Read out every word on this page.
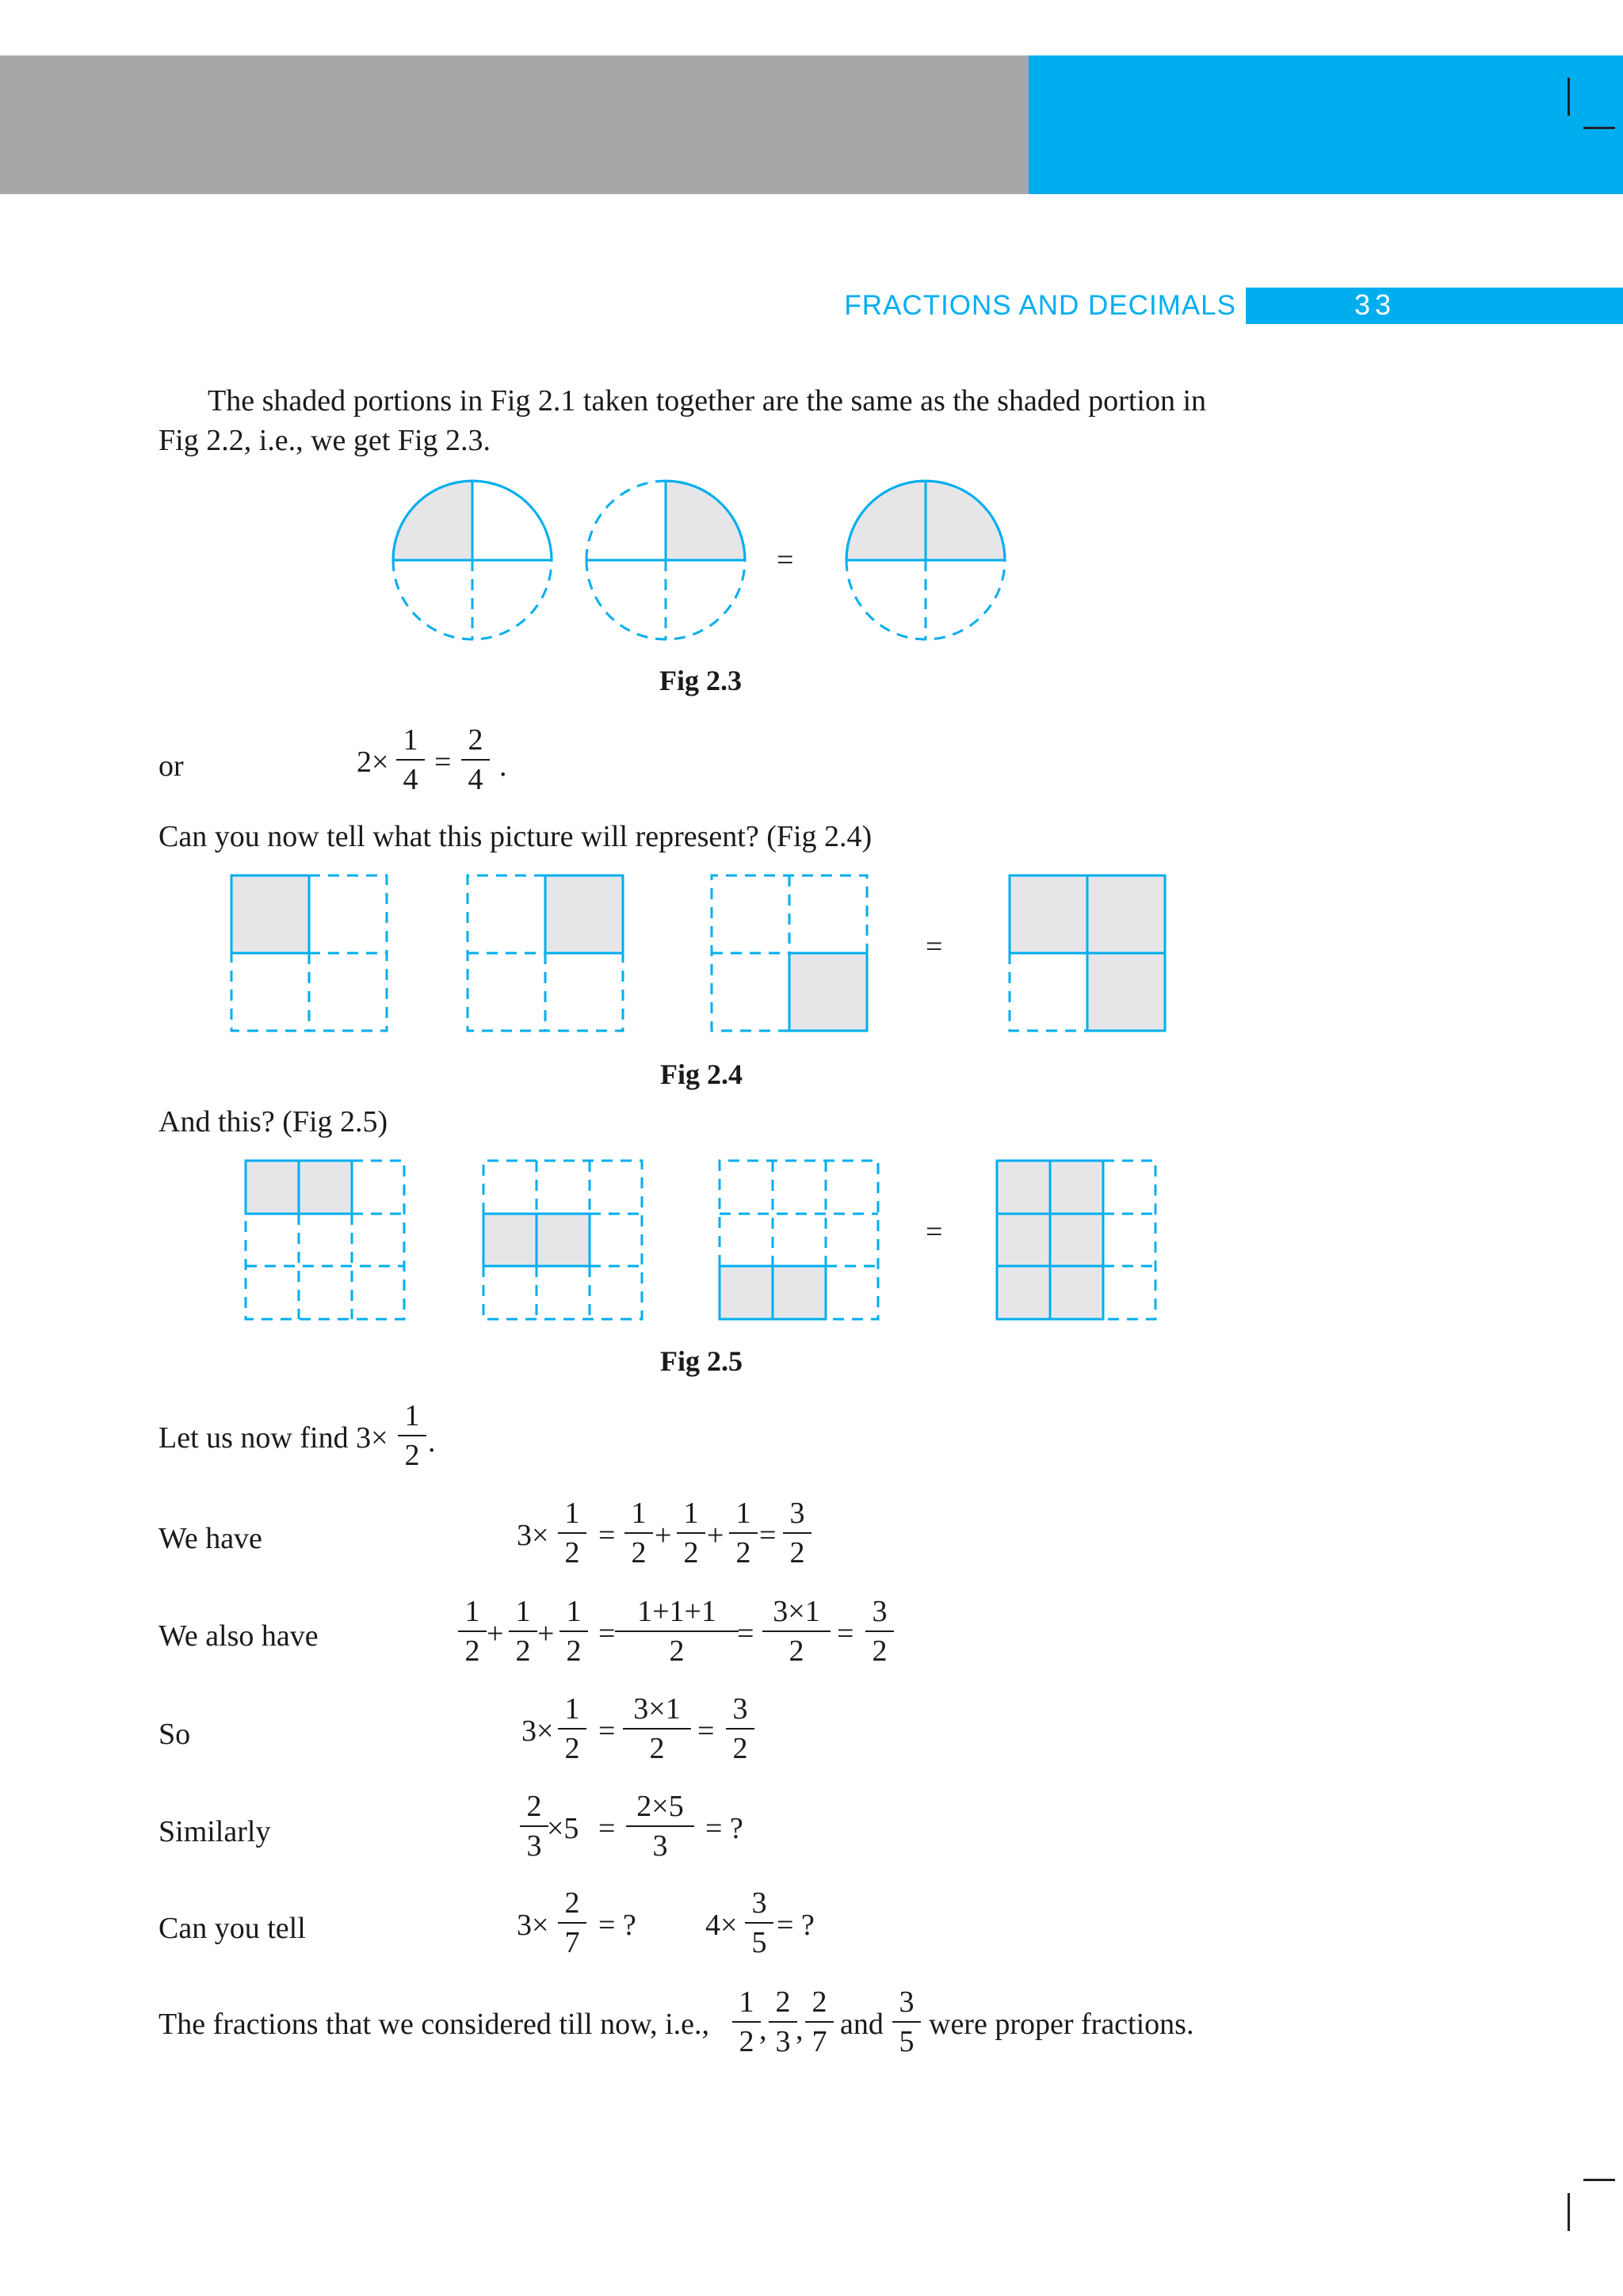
FRACTIONS AND DECIMALS	33
The shaded portions in Fig 2.1 taken together are the same as the shaded portion in
Fig 2.2, i.e., we get Fig 2.3.
=
Fig 2.3
or	2×
1
4
=
2
4 .
Can you now tell what this picture will represent? (Fig 2.4)
=
Fig 2.4
And this? (Fig 2.5)
=
Fig 2.5
Let us now find 3×
1
2 .
We have	3×
1
2
=
1
2
+
1
2
+
1
2
=
3
2
We also have
1
2
+
1
2
+
1
2
=
1+1+1
2
=
3×1
2
=
3
2
So	3×
1
2
=
3×1
2
=
3
2
Similarly
2
3
×5 =
2×5
3
= ?
Can you tell	3×
2
7
= ? 4×
3
5
= ?
The fractions that we considered till now, i.e.,
1
2 ,
2
3 ,
2
7
and
3
5
were proper fractions.
